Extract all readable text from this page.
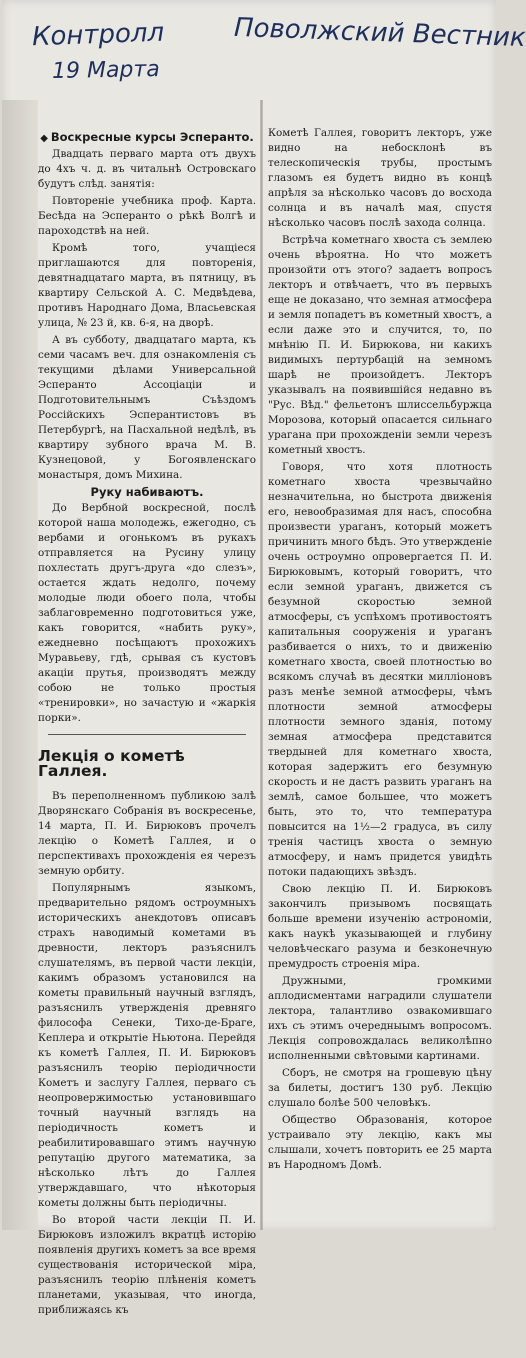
Контролл
19 Марта
Поволжский Вестник
◆ Воскресные курсы Эсперанто.

Двадцать перваго марта отъ двухъ до 4хъ ч. д. въ читальнѣ Островскаго будутъ слѣд. занятія:

Повтореніе учебника проф. Карта. Бесѣда на Эсперанто о рѣкѣ Волгѣ и пароходствѣ на ней.

Кромѣ того, учащіеся приглашаются для повторенія, девятнадцатаго марта, въ пятницу, въ квартиру Сельской А. С. Медвѣдева, противъ Народнаго Дома, Власьевская улица, № 23 й, кв. 6-я, на дворѣ.

А въ субботу, двадцатаго марта, къ семи часамъ веч. для ознакомленія съ текущими дѣлами Универсальной Эсперанто Ассоціаціи и Подготовительнымъ Съѣздомъ Россійскихъ Эсперантистовъ въ Петербургѣ, на Пасхальной недѣлѣ, въ квартиру зубного врача М. В. Кузнецовой, у Богоявленскаго монастыря, домъ Михина.

Руку набиваютъ.

До Вербной воскресной, послѣ которой наша молодежь, ежегодно, съ вербами и огонькомъ въ рукахъ отправляется на Русину улицу похлестать другъ-друга «до слезъ», остается ждать недолго, почему молодые люди обоего пола, чтобы заблаговременно подготовиться уже, какъ говорится, «набить руку», ежедневно посѣщаютъ прохожихъ Муравьеву, гдѣ, срывая съ кустовъ акаціи прутья, производятъ между собою не только простыя «тренировки», но зачастую и «жаркія порки».

Лекція о кометѣ Галлея.

Въ переполненномъ публикою залѣ Дворянскаго Собранія въ воскресенье, 14 марта, П. И. Бирюковъ прочелъ лекцію о Кометѣ Галлея, и о перспективахъ прохожденія ея черезъ земную орбиту.

Популярнымъ языкомъ, предварительно рядомъ остроумныхъ историческихъ анекдотовъ описавъ страхъ наводимый кометами въ древности, лекторъ разъяснилъ слушателямъ, въ первой части лекціи, какимъ образомъ установился на кометы правильный научный взглядъ, разъяснилъ утвержденія древняго философа Сенеки, Тихо-де-Браге, Кеплера и открытіе Ньютона. Перейдя къ кометѣ Галлея, П. И. Бирюковъ разъяснилъ теорію періодичности Кометъ и заслугу Галлея, перваго съ неопровержимостью установившаго точный научный взглядъ на періодичность кометъ и реабилитировавшаго этимъ научную репутацію другого математика, за нѣсколько лѣтъ до Галлея утверждавшаго, что нѣкоторыя кометы должны быть періодичны.

Во второй части лекціи П. И. Бирюковъ изложилъ вкратцѣ исторію появленія другихъ кометъ за все время существованія исторической міра, разъяснилъ теорію плѣненія кометъ планетами, указывая, что иногда, приближаясь къ

Кометѣ Галлея, говоритъ лекторъ, уже видно на небосклонѣ въ телескопическія трубы, простымъ глазомъ ея будетъ видно въ концѣ апрѣля за нѣсколько часовъ до восхода солнца и въ началѣ мая, спустя нѣсколько часовъ послѣ захода солнца.

Встрѣча кометнаго хвоста съ землею очень вѣроятна. Но что можетъ произойти отъ этого? задаетъ вопросъ лекторъ и отвѣчаетъ, что въ первыхъ еще не доказано, что земная атмосфера и земля попадетъ въ кометный хвостъ, а если даже это и случится, то, по мнѣнію П. И. Бирюкова, ни какихъ видимыхъ пертурбацій на земномъ шарѣ не произойдетъ. Лекторъ указывалъ на появившійся недавно въ "Рус. Вѣд." фельетонъ шлиссельбуржца Морозова, который опасается сильнаго урагана при прохожденіи земли черезъ кометный хвостъ.

Говоря, что хотя плотность кометнаго хвоста чрезвычайно незначительна, но быстрота движенія его, невообразимая для насъ, способна произвести ураганъ, который можетъ причинить много бѣдъ. Это утвержденіе очень остроумно опровергается П. И. Бирюковымъ, который говоритъ, что если земной ураганъ, движется съ безумной скоростью земной атмосферы, съ успѣхомъ противостоятъ капитальныя сооруженія и ураганъ разбивается о нихъ, то и движенію кометнаго хвоста, своей плотностью во всякомъ случаѣ въ десятки милліоновъ разъ менѣе земной атмосферы, чѣмъ плотности земной атмосферы плотности земного зданія, потому земная атмосфера представится твердыней для кометнаго хвоста, которая задержитъ его безумную скорость и не дастъ развить ураганъ на землѣ, самое большее, что можетъ быть, это то, что температура повысится на 1½—2 градуса, въ силу тренія частицъ хвоста о земную атмосферу, и намъ придется увидѣть потоки падающихъ звѣздъ.

Свою лекцію П. И. Бирюковъ закончилъ призывомъ посвящать больше времени изученію астрономіи, какъ наукѣ указывающей и глубину человѣческаго разума и безконечную премудрость строенія міра.

Дружными, громкими аплодисментами наградили слушатели лектора, талантливо озвакомившаго ихъ съ этимъ очередныымъ вопросомъ. Лекція сопровождалась великолѣпно исполненными свѣтовыми картинами.

Сборъ, не смотря на грошевую цѣну за билеты, достигъ 130 руб. Лекцію слушало болѣе 500 человѣкъ.

Общество Образованія, которое устраивало эту лекцію, какъ мы слышали, хочетъ повторить ее 25 марта въ Народномъ Домѣ.
